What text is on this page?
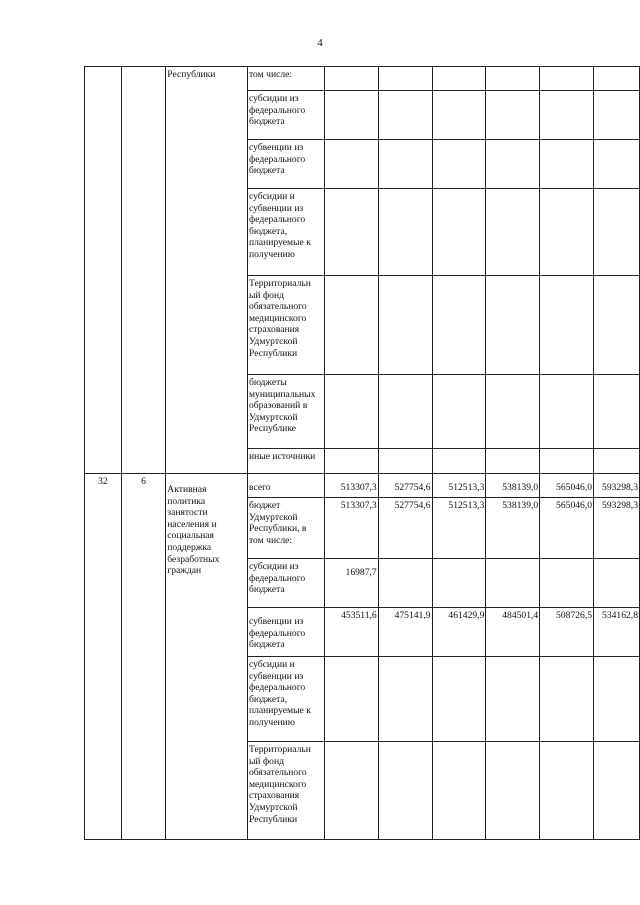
4
		Республики	том числе:						
			субсидии из федерального бюджета						
			субвенции из федерального бюджета						
			субсидии и субвенции из федерального бюджета, планируемые к получению						
			Территориальн ый фонд обязательного медицинского страхования Удмуртской Республики						
			бюджеты муниципальных образований в Удмуртской Республике						
			иные источники						
32	6	Активная политика занятости населения и социальная поддержка безработных граждан	всего	513307,3	527754,6	512513,3	538139,0	565046,0	593298,3
			бюджет Удмуртской Республики, в том числе:	513307,3	527754,6	512513,3	538139,0	565046,0	593298,3
			субсидии из федерального бюджета	16987,7					
			субвенции из федерального бюджета	453511,6	475141,9	461429,9	484501,4	508726,5	534162,8
			субсидии и субвенции из федерального бюджета, планируемые к получению						
			Территориальн ый фонд обязательного медицинского страхования Удмуртской Республики						
